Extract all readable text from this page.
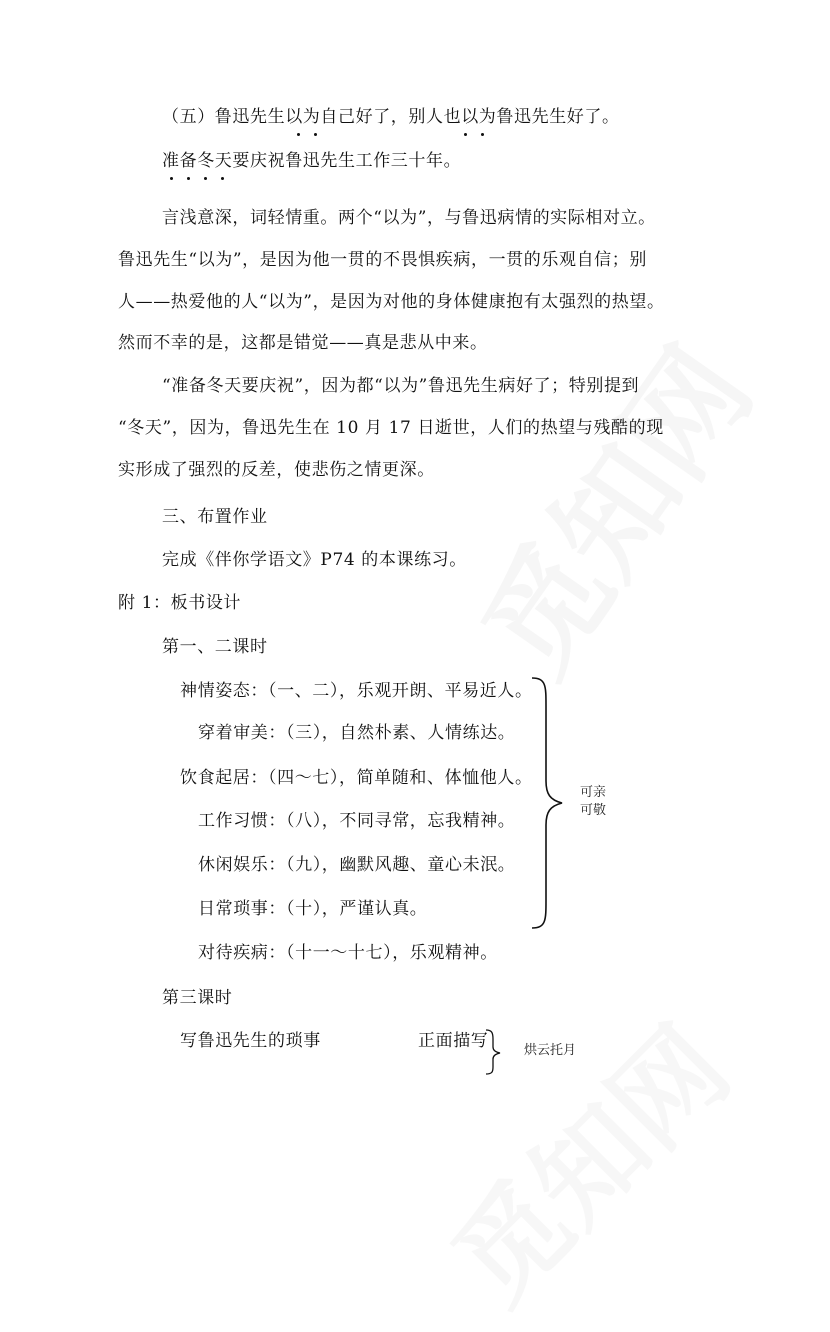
（五）鲁迅先生以为自己好了，别人也以为鲁迅先生好了。
准备冬天要庆祝鲁迅先生工作三十年。
言浅意深，词轻情重。两个“以为”，与鲁迅病情的实际相对立。
鲁迅先生“以为”，是因为他一贯的不畏惧疾病，一贯的乐观自信；别
人——热爱他的人“以为”，是因为对他的身体健康抱有太强烈的热望。
然而不幸的是，这都是错觉——真是悲从中来。
“准备冬天要庆祝”，因为都“以为”鲁迅先生病好了；特别提到
“冬天”，因为，鲁迅先生在 10 月 17 日逝世，人们的热望与残酷的现
实形成了强烈的反差，使悲伤之情更深。
三、布置作业
完成《伴你学语文》P74 的本课练习。
附 1：板书设计
第一、二课时
神情姿态：（一、二），乐观开朗、平易近人。
穿着审美：（三），自然朴素、人情练达。
饮食起居：（四～七），简单随和、体恤他人。
工作习惯：（八），不同寻常，忘我精神。
休闲娱乐：（九），幽默风趣、童心未泯。
日常琐事：（十），严谨认真。
对待疾病：（十一～十七），乐观精神。
可亲
可敬
第三课时
写鲁迅先生的琐事	正面描写	烘云托月
